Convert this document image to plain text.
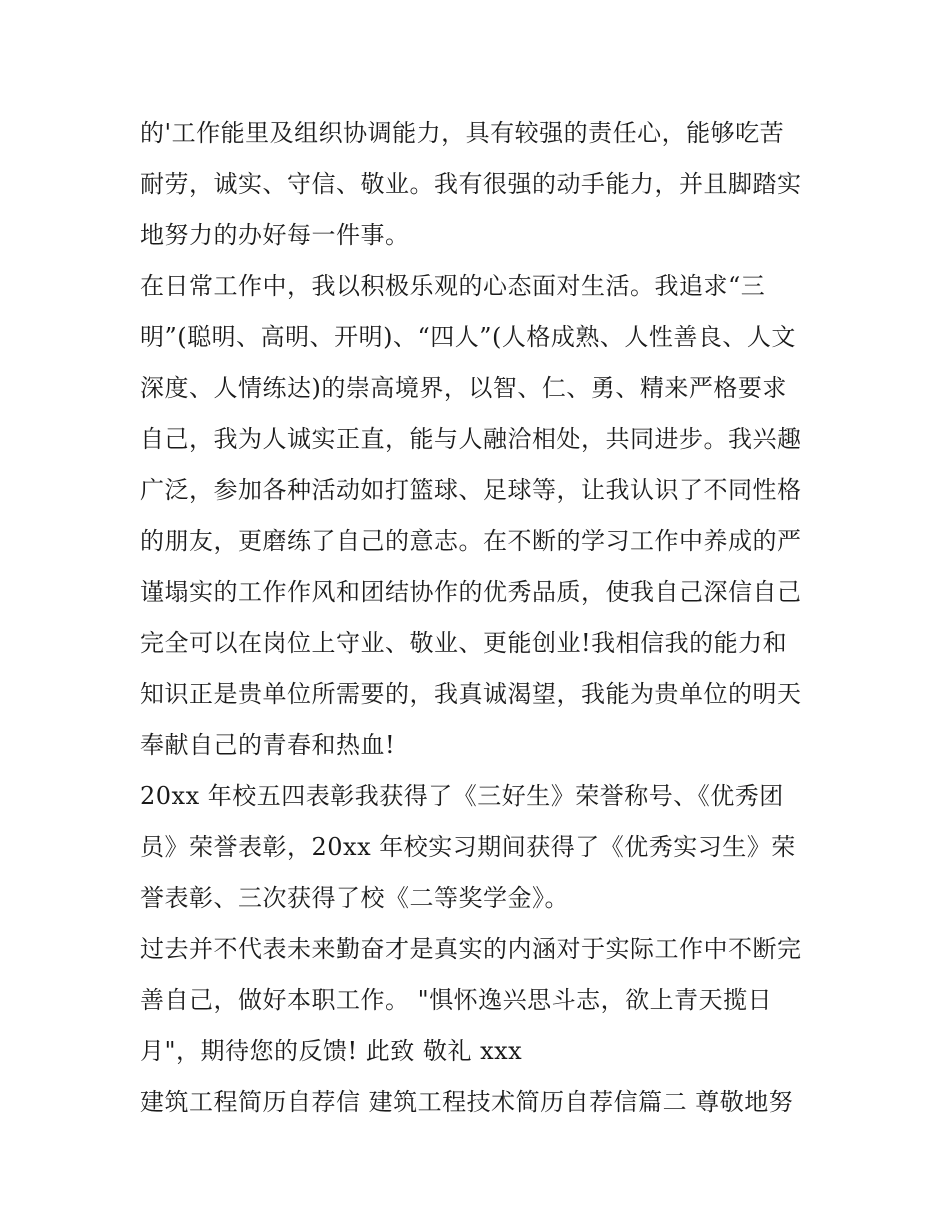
的'工作能里及组织协调能力，具有较强的责任心，能够吃苦
耐劳，诚实、守信、敬业。我有很强的动手能力，并且脚踏实
地努力的办好每一件事。
在日常工作中，我以积极乐观的心态面对生活。我追求“三
明”(聪明、高明、开明)、“四人”(人格成熟、人性善良、人文
深度、人情练达)的崇高境界，以智、仁、勇、精来严格要求
自己，我为人诚实正直，能与人融洽相处，共同进步。我兴趣
广泛，参加各种活动如打篮球、足球等，让我认识了不同性格
的朋友，更磨练了自己的意志。在不断的学习工作中养成的严
谨塌实的工作作风和团结协作的优秀品质，使我自己深信自己
完全可以在岗位上守业、敬业、更能创业!我相信我的能力和
知识正是贵单位所需要的，我真诚渴望，我能为贵单位的明天
奉献自己的青春和热血!
20xx 年校五四表彰我获得了《三好生》荣誉称号、《优秀团
员》荣誉表彰，20xx 年校实习期间获得了《优秀实习生》荣
誉表彰、三次获得了校《二等奖学金》。
过去并不代表未来勤奋才是真实的内涵对于实际工作中不断完
善自己，做好本职工作。 "惧怀逸兴思斗志，欲上青天揽日
月"，期待您的反馈! 此致 敬礼 xxx
建筑工程简历自荐信 建筑工程技术简历自荐信篇二 尊敬地努
